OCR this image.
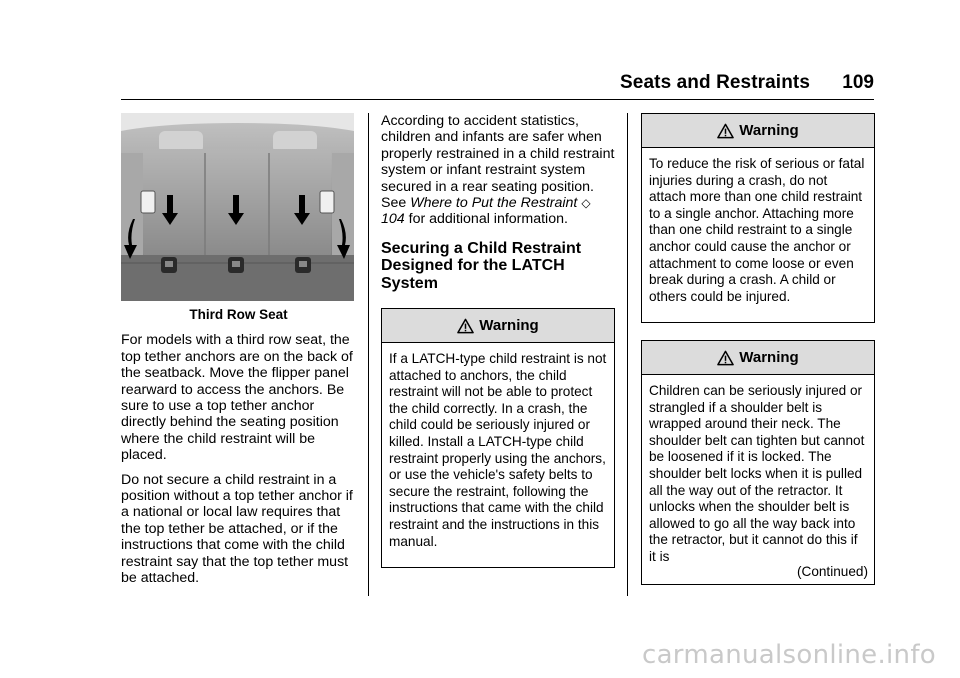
Seats and Restraints 109
Third Row Seat

For models with a third row seat, the top tether anchors are on the back of the seatback. Move the flipper panel rearward to access the anchors. Be sure to use a top tether anchor directly behind the seating position where the child restraint will be placed.

Do not secure a child restraint in a position without a top tether anchor if a national or local law requires that the top tether be attached, or if the instructions that come with the child restraint say that the top tether must be attached.

According to accident statistics, children and infants are safer when properly restrained in a child restraint system or infant restraint system secured in a rear seating position. See Where to Put the Restraint ◇ 104 for additional information.

Securing a Child Restraint Designed for the LATCH System
Warning
If a LATCH-type child restraint is not attached to anchors, the child restraint will not be able to protect the child correctly. In a crash, the child could be seriously injured or killed. Install a LATCH-type child restraint properly using the anchors, or use the vehicle's safety belts to secure the restraint, following the instructions that came with the child restraint and the instructions in this manual.
Warning
To reduce the risk of serious or fatal injuries during a crash, do not attach more than one child restraint to a single anchor. Attaching more than one child restraint to a single anchor could cause the anchor or attachment to come loose or even break during a crash. A child or others could be injured.
Warning
Children can be seriously injured or strangled if a shoulder belt is wrapped around their neck. The shoulder belt can tighten but cannot be loosened if it is locked. The shoulder belt locks when it is pulled all the way out of the retractor. It unlocks when the shoulder belt is allowed to go all the way back into the retractor, but it cannot do this if it is
(Continued)
carmanualsonline.info
